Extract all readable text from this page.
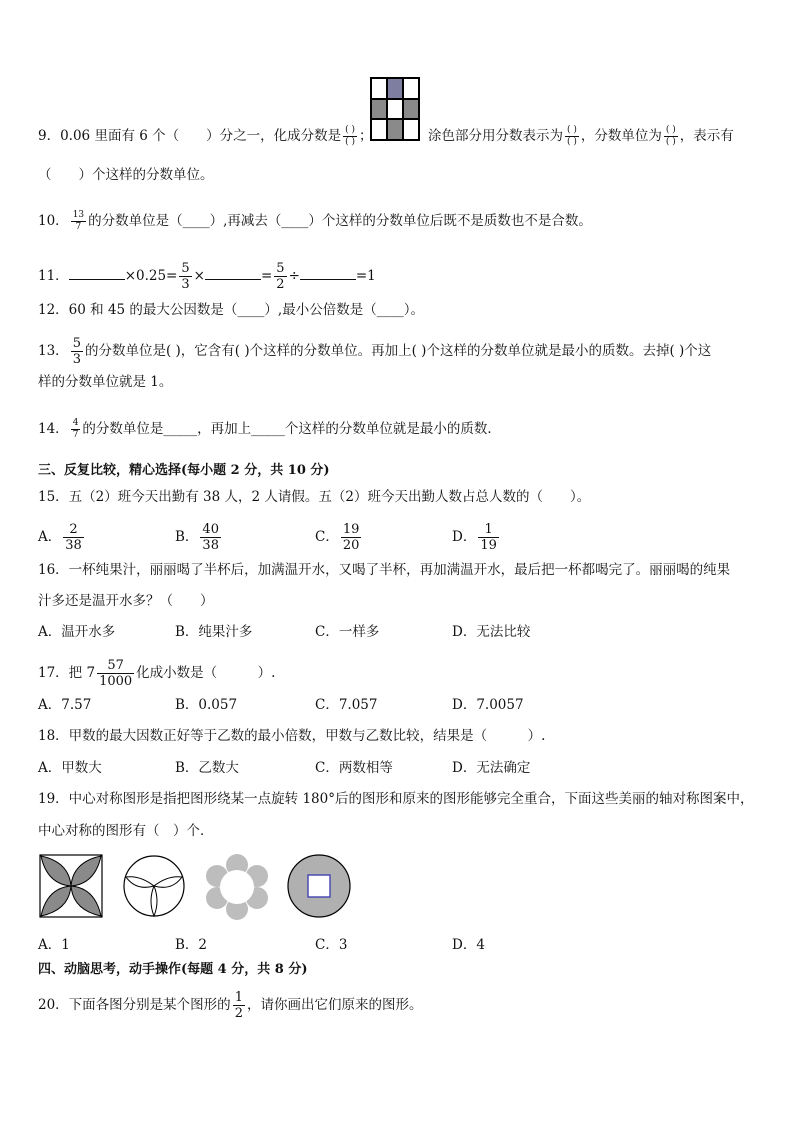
9．0.06 里面有 6 个（　　）分之一，化成分数是 $\frac{( )}{( )}$ ；	涂色部分用分数表示为 $\frac{( )}{( )}$ ，分数单位为 $\frac{( )}{( )}$ ，表示有
（　　）个这样的分数单位。
10． $\frac{13}{7}$ 的分数单位是（____）,再减去（____）个这样的分数单位后既不是质数也不是合数。
11．	$\times 0.25= \frac{5}{3}$ ×	= $\frac{5}{2}$ ÷	=1
12．60 和 45 的最大公因数是（____）,最小公倍数是（____）。
13． $\frac{5}{3}$ 的分数单位是( )，它含有( )个这样的分数单位。再加上( )个这样的分数单位就是最小的质数。去掉( )个这
样的分数单位就是 1。
14． $\frac{4}{7}$ 的分数单位是_____，再加上_____个这样的分数单位就是最小的质数．
三、反复比较，精心选择(每小题 2 分，共 10 分)
15．五（2）班今天出勤有 38 人，2 人请假。五（2）班今天出勤人数占总人数的（　　）。
A． $\frac{2}{38}$	B． $\frac{40}{38}$	C． $\frac{19}{20}$	D． $\frac{1}{19}$
16．一杯纯果汁，丽丽喝了半杯后，加满温开水，又喝了半杯，再加满温开水，最后把一杯都喝完了。丽丽喝的纯果
汁多还是温开水多？（　　）
A．温开水多	B．纯果汁多	C．一样多	D．无法比较
17．把 $7 \frac{57}{1000}$ 化成小数是（　　　）.
A．7.57	B．0.057	C．7.057	D．7.0057
18．甲数的最大因数正好等于乙数的最小倍数，甲数与乙数比较，结果是（　　　）.
A．甲数大	B．乙数大	C．两数相等	D．无法确定
19．中心对称图形是指把图形绕某一点旋转 180°后的图形和原来的图形能够完全重合，下面这些美丽的轴对称图案中，
中心对称的图形有（　）个．
A．1	B．2	C．3	D．4
四、动脑思考，动手操作(每题 4 分，共 8 分)
20．下面各图分别是某个图形的 $\frac{1}{2}$ ，请你画出它们原来的图形。
